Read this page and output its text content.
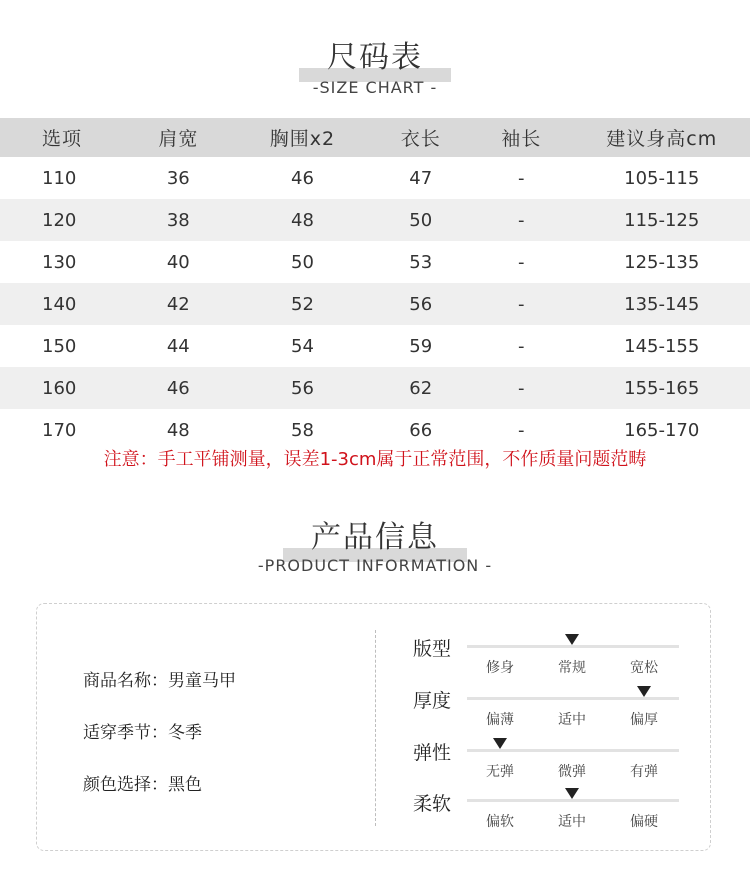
尺码表
-SIZE CHART -
选项	肩宽	胸围x2	衣长	袖长	建议身高cm
110	36	46	47	-	105-115
120	38	48	50	-	115-125
130	40	50	53	-	125-135
140	42	52	56	-	135-145
150	44	54	59	-	145-155
160	46	56	62	-	155-165
170	48	58	66	-	165-170
注意：手工平铺测量，误差1-3cm属于正常范围，不作质量问题范畴
产品信息
-PRODUCT INFORMATION -
商品名称：男童马甲
适穿季节：冬季
颜色选择：黑色
版型
修身	常规	宽松
厚度
偏薄	适中	偏厚
弹性
无弹	微弹	有弹
柔软
偏软	适中	偏硬
